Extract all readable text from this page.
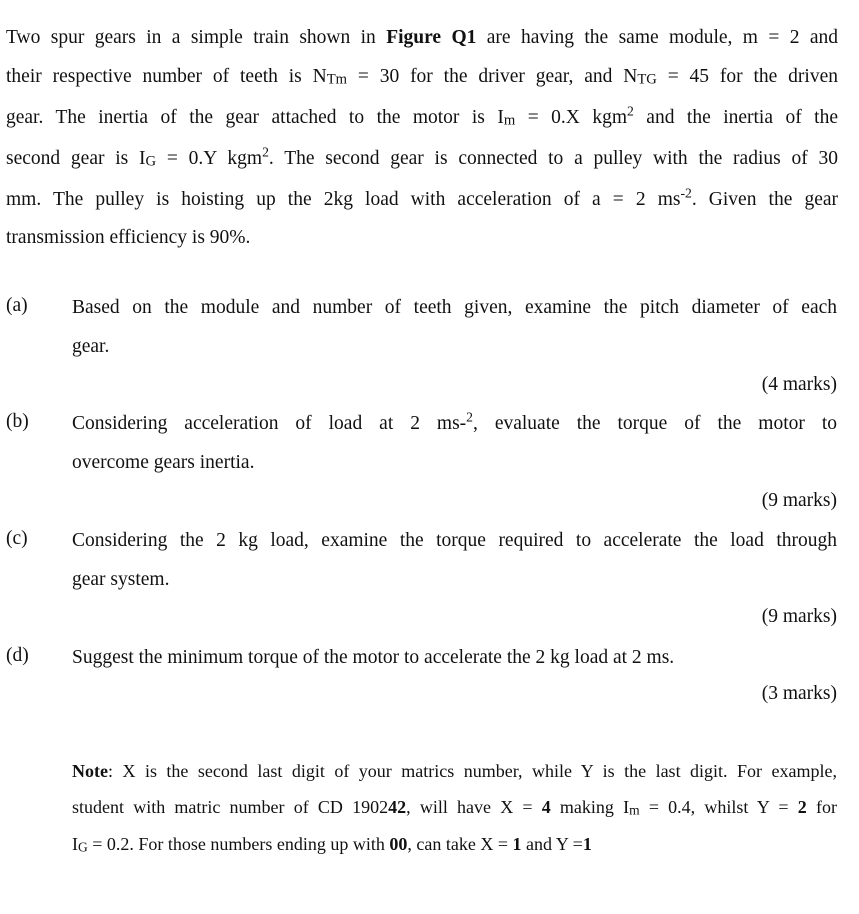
Two spur gears in a simple train shown in Figure Q1 are having the same module, m = 2 and
their respective number of teeth is NTm = 30 for the driver gear, and NTG = 45 for the driven
gear. The inertia of the gear attached to the motor is Im = 0.X kgm$^2$ and the inertia of the
second gear is IG = 0.Y kgm$^2$. The second gear is connected to a pulley with the radius of 30
mm. The pulley is hoisting up the 2kg load with acceleration of a = 2 $ms^{-2}$. Given the gear
transmission efficiency is 90%.
(a) Based on the module and number of teeth given, examine the pitch diameter of each
gear.
(4 marks)
(b) Considering acceleration of load at 2 ms-$^2$, evaluate the torque of the motor to
overcome gears inertia.
(9 marks)
(c) Considering the 2 kg load, examine the torque required to accelerate the load through
gear system.
(9 marks)
(d) Suggest the minimum torque of the motor to accelerate the 2 kg load at 2 ms.
(3 marks)
Note: X is the second last digit of your matrics number, while Y is the last digit. For example,
student with matric number of CD 190242, will have X = 4 making Im = 0.4, whilst Y = 2 for
IG = 0.2. For those numbers ending up with 00, can take X = 1 and Y =1
